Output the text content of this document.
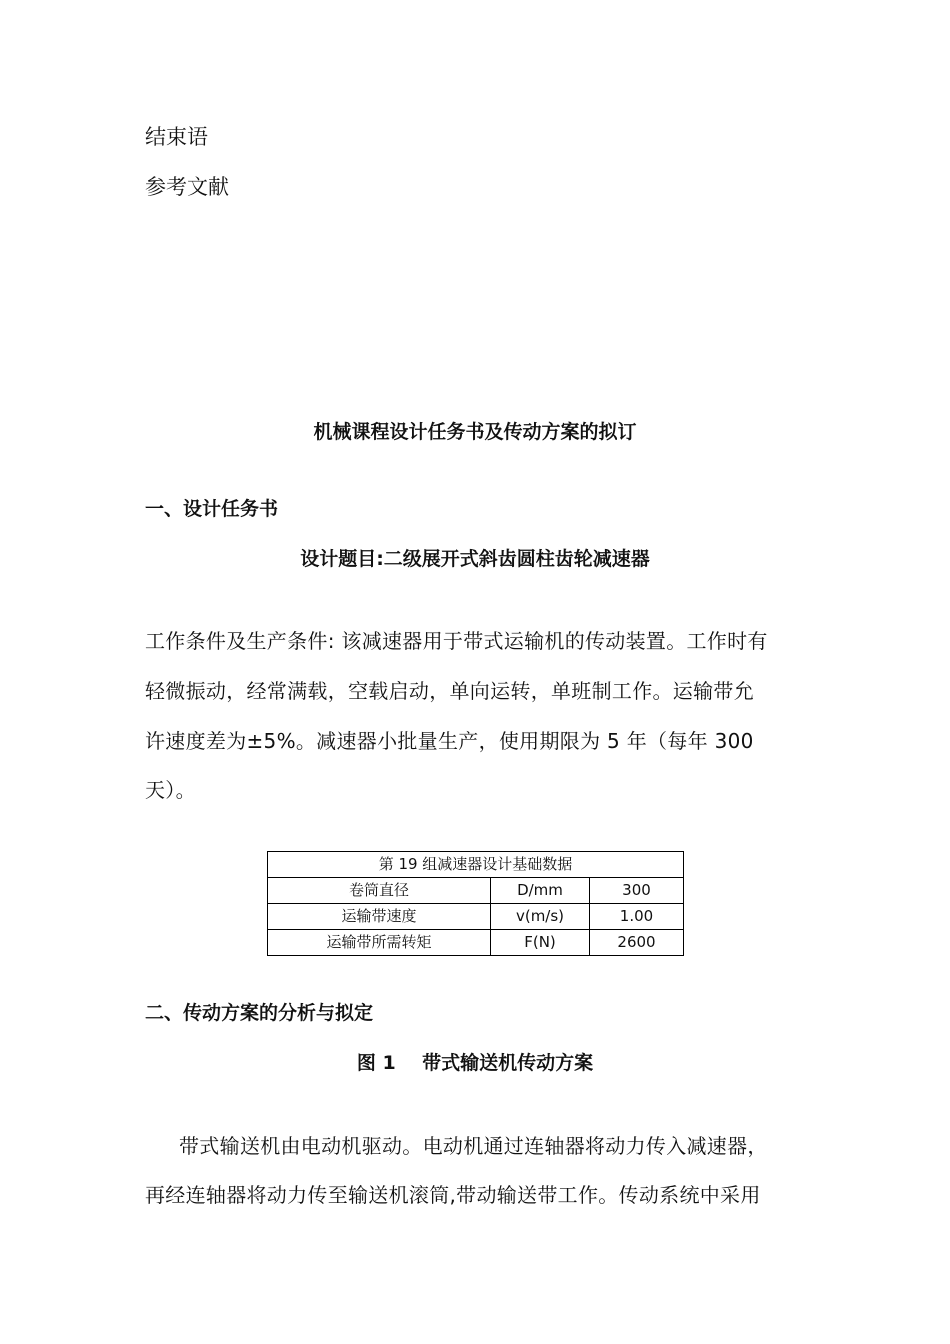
结束语
参考文献
机械课程设计任务书及传动方案的拟订
一、设计任务书
设计题目:二级展开式斜齿圆柱齿轮减速器
工作条件及生产条件: 该减速器用于带式运输机的传动装置。工作时有
轻微振动，经常满载，空载启动，单向运转，单班制工作。运输带允
许速度差为±5%。减速器小批量生产，使用期限为 5 年（每年 300
天）。
第 19 组减速器设计基础数据		
卷筒直径	D/mm	300
运输带速度	v(m/s)	1.00
运输带所需转矩	F(N)	2600
二、传动方案的分析与拟定
图 1    带式输送机传动方案
带式输送机由电动机驱动。电动机通过连轴器将动力传入减速器，
再经连轴器将动力传至输送机滚筒,带动输送带工作。传动系统中采用
